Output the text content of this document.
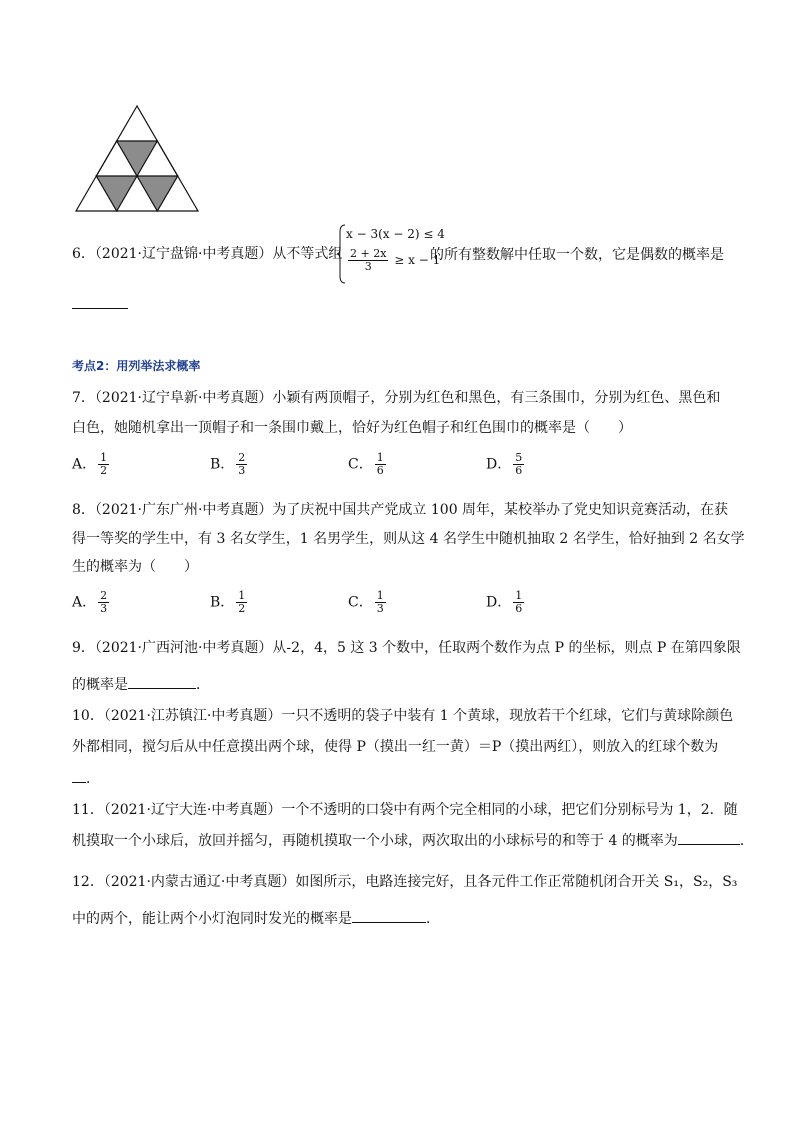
6．（2021·辽宁盘锦·中考真题）从不等式组
x − 3(x − 2) ≤ 4
$\frac{2 + 2x}{3} \ge x - 1$
的所有整数解中任取一个数，它是偶数的概率是
考点2：用列举法求概率
7．（2021·辽宁阜新·中考真题）小颖有两顶帽子，分别为红色和黑色，有三条围巾，分别为红色、黑色和
白色，她随机拿出一顶帽子和一条围巾戴上，恰好为红色帽子和红色围巾的概率是（　　）
A． $\frac{1}{2}$	B． $\frac{2}{3}$	C． $\frac{1}{6}$	D． $\frac{5}{6}$
8．（2021·广东广州·中考真题）为了庆祝中国共产党成立 100 周年，某校举办了党史知识竞赛活动，在获
得一等奖的学生中，有 3 名女学生，1 名男学生，则从这 4 名学生中随机抽取 2 名学生，恰好抽到 2 名女学
生的概率为（　　）
A． $\frac{2}{3}$	B． $\frac{1}{2}$	C． $\frac{1}{3}$	D． $\frac{1}{6}$
9．（2021·广西河池·中考真题）从-2，4，5 这 3 个数中，任取两个数作为点 P 的坐标，则点 P 在第四象限
的概率是	．
10．（2021·江苏镇江·中考真题）一只不透明的袋子中装有 1 个黄球，现放若干个红球，它们与黄球除颜色
外都相同，搅匀后从中任意摸出两个球，使得 P（摸出一红一黄）＝P（摸出两红），则放入的红球个数为
．
11．（2021·辽宁大连·中考真题）一个不透明的口袋中有两个完全相同的小球，把它们分别标号为 1，2．随
机摸取一个小球后，放回并摇匀，再随机摸取一个小球，两次取出的小球标号的和等于 4 的概率为	．
12．（2021·内蒙古通辽·中考真题）如图所示，电路连接完好，且各元件工作正常随机闭合开关 S₁，S₂，S₃
中的两个，能让两个小灯泡同时发光的概率是	．
